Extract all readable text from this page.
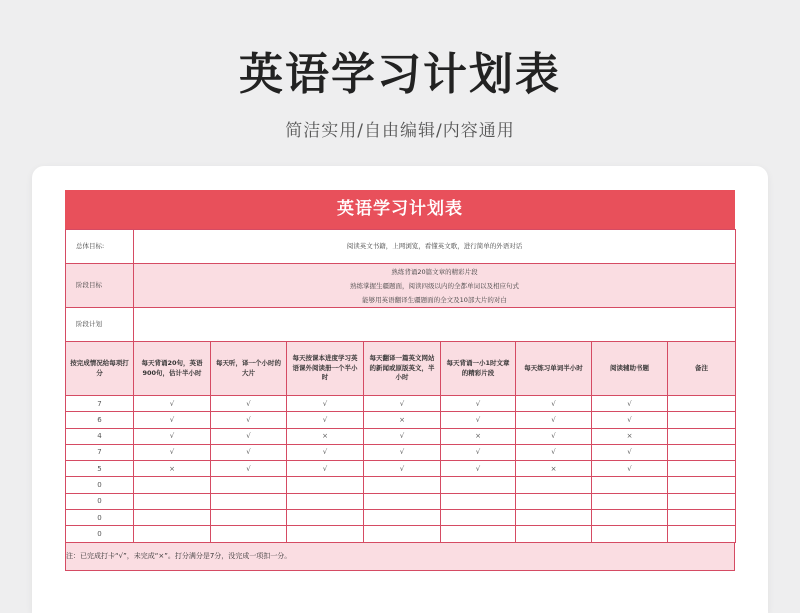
英语学习计划表
简洁实用/自由编辑/内容通用
英语学习计划表
总体目标:	阅读英文书籍，上网浏览，看懂英文歌，进行简单的外语对话							
阶段目标	熟练背诵20篇文章的精彩片段
熟练掌握生疆题面，阅读四级以内的全都单词以及相应句式
能够用英语翻译生疆题面的全文及10部大片的对白							

阶段计划								
按完成情况给每项打分	每天背诵20句，英语900句，估计半小时	每天听，译一个小时的大片	每天按课本进度学习英语课外阅读册一个半小时	每天翻译一篇英文网站的新闻或原版英文，半小时	每天背诵一小1时文章的精彩片段	每天练习单词半小时	阅读辅助书题	备注
7	√	√	√	√	√	√	√	
6	√	√	√	×	√	√	√	
4	√	√	×	√	×	√	×	
7	√	√	√	√	√	√	√	
5	×	√	√	√	√	×	√	
0								
0								
0								
0								
注：已完成打卡“√”，未完成“×”。打分满分是7分，没完成一项扣一分。
